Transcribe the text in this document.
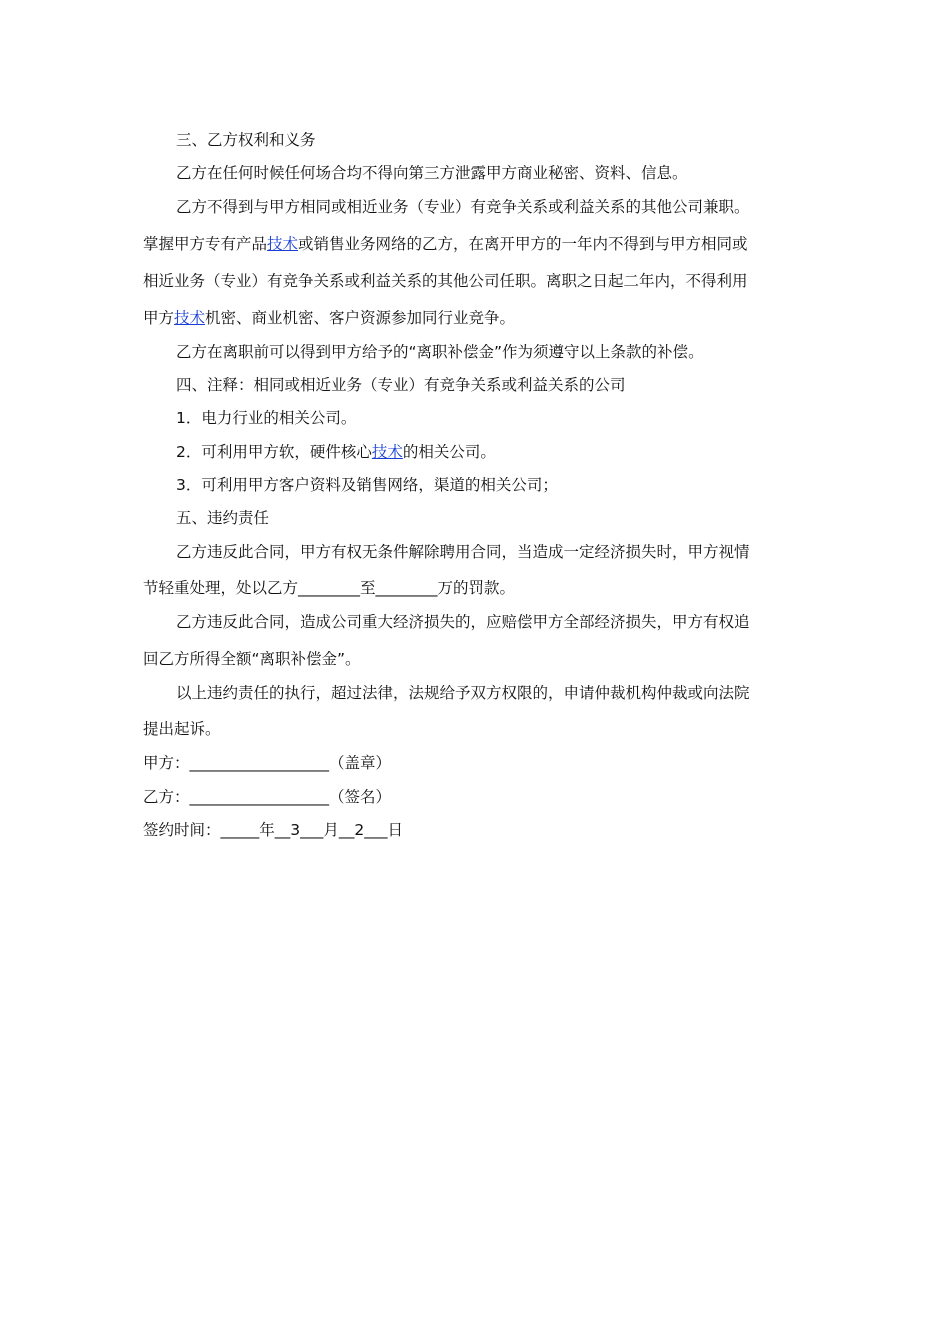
三、乙方权利和义务
乙方在任何时候任何场合均不得向第三方泄露甲方商业秘密、资料、信息。
乙方不得到与甲方相同或相近业务（专业）有竞争关系或利益关系的其他公司兼职。
掌握甲方专有产品技术或销售业务网络的乙方，在离开甲方的一年内不得到与甲方相同或
相近业务（专业）有竞争关系或利益关系的其他公司任职。离职之日起二年内，不得利用
甲方技术机密、商业机密、客户资源参加同行业竞争。
乙方在离职前可以得到甲方给予的“离职补偿金”作为须遵守以上条款的补偿。
四、注释：相同或相近业务（专业）有竞争关系或利益关系的公司
1．电力行业的相关公司。
2．可利用甲方软，硬件核心技术的相关公司。
3．可利用甲方客户资料及销售网络，渠道的相关公司；
五、违约责任
乙方违反此合同，甲方有权无条件解除聘用合同，当造成一定经济损失时，甲方视情
节轻重处理，处以乙方________至________万的罚款。
乙方违反此合同，造成公司重大经济损失的，应赔偿甲方全部经济损失，甲方有权追
回乙方所得全额“离职补偿金”。
以上违约责任的执行，超过法律，法规给予双方权限的，申请仲裁机构仲裁或向法院
提出起诉。
甲方：__________________（盖章）
乙方：__________________（签名）
签约时间：_____年__3___月__2___日
